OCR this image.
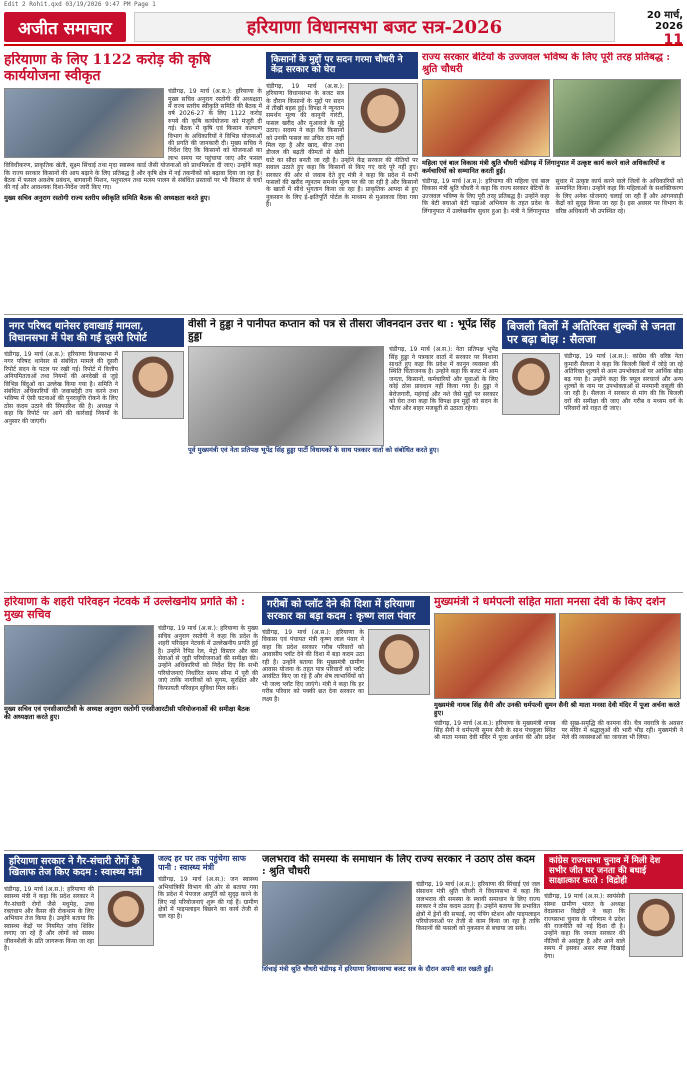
Edit 2 Rohit.qxd 03/19/2026 9:47 PM Page 1
अजीत समाचार	हरियाणा विधानसभा बजट सत्र-2026
20 मार्च, 2026
11
हरियाणा के लिए 1122 करोड़ की कृषि कार्ययोजना स्वीकृत
चंडीगढ़, 19 मार्च (अ.स.): हरियाणा के मुख्य सचिव अनुराग रस्तोगी की अध्यक्षता में राज्य स्तरीय स्वीकृति समिति की बैठक में वर्ष 2026-27 के लिए 1122 करोड़ रुपये की कृषि कार्ययोजना को मंजूरी दी गई। बैठक में कृषि एवं किसान कल्याण विभाग के अधिकारियों ने विभिन्न योजनाओं की प्रगति की जानकारी दी। मुख्य सचिव ने निर्देश दिए कि किसानों को योजनाओं का लाभ समय पर पहुंचाया जाए और फसल विविधीकरण, प्राकृतिक खेती, सूक्ष्म सिंचाई तथा मृदा स्वास्थ्य कार्ड जैसी योजनाओं को प्राथमिकता दी जाए। उन्होंने कहा कि राज्य सरकार किसानों की आय बढ़ाने के लिए प्रतिबद्ध है और कृषि क्षेत्र में नई तकनीकों को बढ़ावा दिया जा रहा है। बैठक में फसल अवशेष प्रबंधन, बागवानी मिशन, पशुपालन तथा मत्स्य पालन से संबंधित प्रस्तावों पर भी विस्तार से चर्चा की गई और आवश्यक दिशा-निर्देश जारी किए गए।
मुख्य सचिव अनुराग रस्तोगी राज्य स्तरीय स्वीकृति समिति बैठक की अध्यक्षता करते हुए।
किसानों के मुद्दों पर सदन गरमा चौधरी ने केंद्र सरकार को घेरा
चंडीगढ़, 19 मार्च (अ.स.): हरियाणा विधानसभा के बजट सत्र के दौरान किसानों के मुद्दों पर सदन में तीखी बहस हुई। विपक्ष ने न्यूनतम समर्थन मूल्य की कानूनी गारंटी, फसल खरीद और मुआवजे के मुद्दे उठाए। सदस्य ने कहा कि किसानों को उनकी फसल का उचित दाम नहीं मिल रहा है और खाद, बीज तथा डीजल की बढ़ती कीमतों से खेती घाटे का सौदा बनती जा रही है। उन्होंने केंद्र सरकार की नीतियों पर सवाल उठाते हुए कहा कि किसानों से किए गए वादे पूरे नहीं हुए। सरकार की ओर से जवाब देते हुए मंत्री ने कहा कि प्रदेश में सभी फसलों की खरीद न्यूनतम समर्थन मूल्य पर की जा रही है और किसानों के खातों में सीधे भुगतान किया जा रहा है। प्राकृतिक आपदा से हुए नुकसान के लिए ई-क्षतिपूर्ति पोर्टल के माध्यम से मुआवजा दिया गया है।
राज्य सरकार बेटियों के उज्जवल भविष्य के लिए पूरी तरह प्रतिबद्ध : श्रुति चौधरी
महिला एवं बाल विकास मंत्री श्रुति चौधरी चंडीगढ़ में लिंगानुपात में उत्कृष्ट कार्य करने वाले अधिकारियों व कर्मचारियों को सम्मानित करती हुईं।
चंडीगढ़, 19 मार्च (अ.स.): हरियाणा की महिला एवं बाल विकास मंत्री श्रुति चौधरी ने कहा कि राज्य सरकार बेटियों के उज्जवल भविष्य के लिए पूरी तरह प्रतिबद्ध है। उन्होंने कहा कि बेटी बचाओ बेटी पढ़ाओ अभियान के तहत प्रदेश के लिंगानुपात में उल्लेखनीय सुधार हुआ है। मंत्री ने लिंगानुपात सुधार में उत्कृष्ट कार्य करने वाले जिलों के अधिकारियों को सम्मानित किया। उन्होंने कहा कि महिलाओं के सशक्तिकरण के लिए अनेक योजनाएं चलाई जा रही हैं और आंगनवाड़ी केंद्रों को सुदृढ़ किया जा रहा है। इस अवसर पर विभाग के वरिष्ठ अधिकारी भी उपस्थित रहे।
नगर परिषद थानेसर हवाखाई मामला, विधानसभा में पेश की गई दूसरी रिपोर्ट
चंडीगढ़, 19 मार्च (अ.स.): हरियाणा विधानसभा में नगर परिषद थानेसर से संबंधित मामले की दूसरी रिपोर्ट सदन के पटल पर रखी गई। रिपोर्ट में वित्तीय अनियमितताओं तथा नियमों की अनदेखी से जुड़े विभिन्न बिंदुओं का उल्लेख किया गया है। समिति ने संबंधित अधिकारियों की जवाबदेही तय करने तथा भविष्य में ऐसी घटनाओं की पुनरावृत्ति रोकने के लिए ठोस कदम उठाने की सिफारिश की है। अध्यक्ष ने कहा कि रिपोर्ट पर आगे की कार्रवाई नियमों के अनुसार की जाएगी।
वीसी ने हुड्डा ने पानीपत कप्तान को पत्र से तीसरा जीवनदान उत्तर था : भूपेंद्र सिंह हुड्डा
चंडीगढ़, 19 मार्च (अ.स.): नेता प्रतिपक्ष भूपेंद्र सिंह हुड्डा ने पत्रकार वार्ता में सरकार पर निशाना साधते हुए कहा कि प्रदेश में कानून व्यवस्था की स्थिति चिंताजनक है। उन्होंने कहा कि बजट में आम जनता, किसानों, कर्मचारियों और युवाओं के लिए कोई ठोस प्रावधान नहीं किया गया है। हुड्डा ने बेरोजगारी, महंगाई और नशे जैसे मुद्दों पर सरकार को घेरा तथा कहा कि विपक्ष इन मुद्दों को सदन के भीतर और बाहर मजबूती से उठाता रहेगा।
पूर्व मुख्यमंत्री एवं नेता प्रतिपक्ष भूपेंद्र सिंह हुड्डा पार्टी विधायकों के साथ पत्रकार वार्ता को संबोधित करते हुए।
बिजली बिलों में अतिरिक्त शुल्कों से जनता पर बढ़ा बोझ : सैलजा
चंडीगढ़, 19 मार्च (अ.स.): कांग्रेस की वरिष्ठ नेता कुमारी सैलजा ने कहा कि बिजली बिलों में जोड़े जा रहे अतिरिक्त शुल्कों से आम उपभोक्ताओं पर आर्थिक बोझ बढ़ गया है। उन्होंने कहा कि फ्यूल सरचार्ज और अन्य शुल्कों के नाम पर उपभोक्ताओं से मनमानी वसूली की जा रही है। सैलजा ने सरकार से मांग की कि बिजली दरों की समीक्षा की जाए और गरीब व मध्यम वर्ग के परिवारों को राहत दी जाए।
हरियाणा के शहरी परिवहन नेटवर्क में उल्लेखनीय प्रगति की : मुख्य सचिव
चंडीगढ़, 19 मार्च (अ.स.): हरियाणा के मुख्य सचिव अनुराग रस्तोगी ने कहा कि प्रदेश के शहरी परिवहन नेटवर्क में उल्लेखनीय प्रगति हुई है। उन्होंने रैपिड रेल, मेट्रो विस्तार और बस सेवाओं से जुड़ी परियोजनाओं की समीक्षा की। उन्होंने अधिकारियों को निर्देश दिए कि सभी परियोजनाएं निर्धारित समय सीमा में पूरी की जाएं ताकि नागरिकों को सुगम, सुरक्षित और किफायती परिवहन सुविधा मिल सके।
मुख्य सचिव एवं एनसीआरटीसी के अध्यक्ष अनुराग रस्तोगी एनसीआरटीसी परियोजनाओं की समीक्षा बैठक की अध्यक्षता करते हुए।
गरीबों को प्लॉट देने की दिशा में हरियाणा सरकार का बड़ा कदम : कृष्ण लाल पंवार
चंडीगढ़, 19 मार्च (अ.स.): हरियाणा के विकास एवं पंचायत मंत्री कृष्ण लाल पंवार ने कहा कि प्रदेश सरकार गरीब परिवारों को आवासीय प्लॉट देने की दिशा में बड़ा कदम उठा रही है। उन्होंने बताया कि मुख्यमंत्री ग्रामीण आवास योजना के तहत पात्र परिवारों को प्लॉट आवंटित किए जा रहे हैं और शेष लाभार्थियों को भी जल्द प्लॉट दिए जाएंगे। मंत्री ने कहा कि हर गरीब परिवार को पक्की छत देना सरकार का लक्ष्य है।
मुख्यमंत्री ने धर्मपत्नी सहित माता मनसा देवी के किए दर्शन
मुख्यमंत्री नायब सिंह सैनी और उनकी धर्मपत्नी सुमन सैनी श्री माता मनसा देवी मंदिर में पूजा अर्चना करते हुए।
चंडीगढ़, 19 मार्च (अ.स.): हरियाणा के मुख्यमंत्री नायब सिंह सैनी ने धर्मपत्नी सुमन सैनी के साथ पंचकूला स्थित श्री माता मनसा देवी मंदिर में पूजा अर्चना की और प्रदेश की सुख-समृद्धि की कामना की। चैत्र नवरात्रि के अवसर पर मंदिर में श्रद्धालुओं की भारी भीड़ रही। मुख्यमंत्री ने मेले की व्यवस्थाओं का जायजा भी लिया।
हरियाणा सरकार ने गैर-संचारी रोगों के खिलाफ तेज किए कदम : स्वास्थ्य मंत्री
चंडीगढ़, 19 मार्च (अ.स.): हरियाणा की स्वास्थ्य मंत्री ने कहा कि प्रदेश सरकार ने गैर-संचारी रोगों जैसे मधुमेह, उच्च रक्तचाप और कैंसर की रोकथाम के लिए अभियान तेज किया है। उन्होंने बताया कि स्वास्थ्य केंद्रों पर नियमित जांच शिविर लगाए जा रहे हैं और लोगों को स्वस्थ जीवनशैली के प्रति जागरूक किया जा रहा है।
जल्द हर घर तक पहुंचेगा साफ पानी : स्वास्थ्य मंत्री
चंडीगढ़, 19 मार्च (अ.स.): जन स्वास्थ्य अभियांत्रिकी विभाग की ओर से बताया गया कि प्रदेश में पेयजल आपूर्ति को सुदृढ़ करने के लिए नई परियोजनाएं शुरू की गई हैं। ग्रामीण क्षेत्रों में पाइपलाइन बिछाने का कार्य तेजी से चल रहा है।
जलभराव की समस्या के समाधान के लिए राज्य सरकार ने उठाए ठोस कदम : श्रुति चौधरी
चंडीगढ़, 19 मार्च (अ.स.): हरियाणा की सिंचाई एवं जल संसाधन मंत्री श्रुति चौधरी ने विधानसभा में कहा कि जलभराव की समस्या के स्थायी समाधान के लिए राज्य सरकार ने ठोस कदम उठाए हैं। उन्होंने बताया कि प्रभावित क्षेत्रों में ड्रेनों की सफाई, नए पंपिंग स्टेशन और पाइपलाइन परियोजनाओं पर तेजी से काम किया जा रहा है ताकि किसानों की फसलों को नुकसान से बचाया जा सके।
सिंचाई मंत्री श्रुति चौधरी चंडीगढ़ में हरियाणा विधानसभा बजट सत्र के दौरान अपनी बात रखती हुईं।
कांग्रेस राज्यसभा चुनाव में मिली देश सभीर जीत पर जनता की बधाई साक्षात्कार करते : विद्रोही
चंडीगढ़, 19 मार्च (अ.स.): स्वयंसेवी संस्था ग्रामीण भारत के अध्यक्ष वेदप्रकाश विद्रोही ने कहा कि राज्यसभा चुनाव के परिणाम ने प्रदेश की राजनीति को नई दिशा दी है। उन्होंने कहा कि जनता सरकार की नीतियों से असंतुष्ट है और आने वाले समय में इसका असर स्पष्ट दिखाई देगा।
